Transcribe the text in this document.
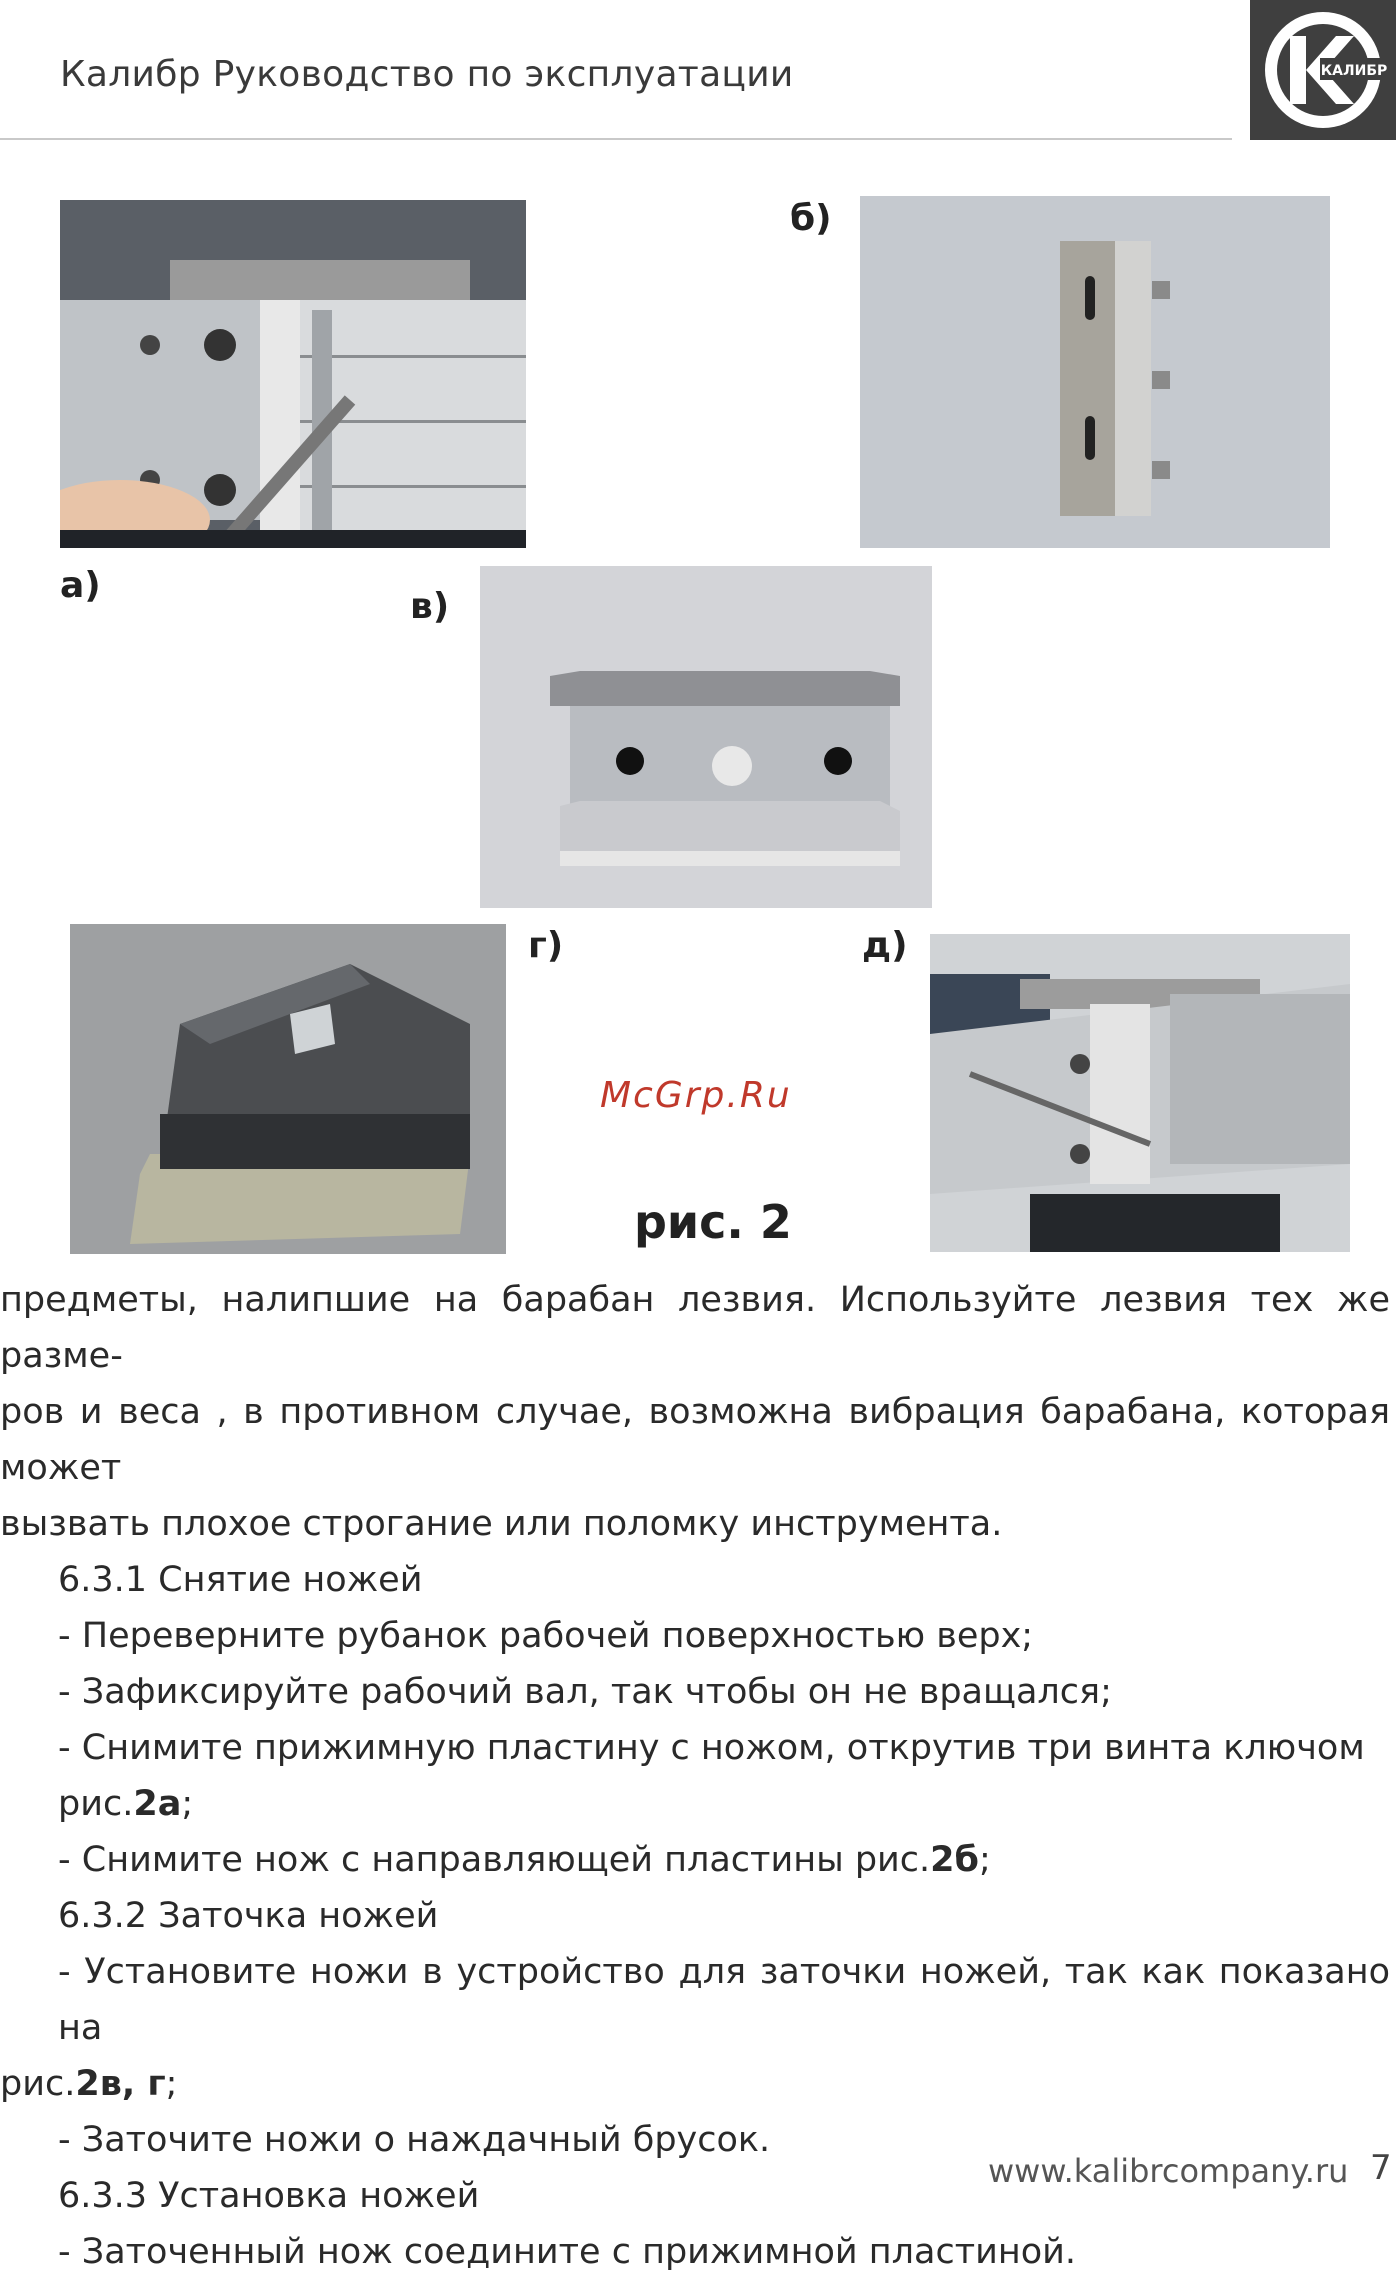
Калибр Руководство по эксплуатации	КАЛИБР
а)
б)
в)
г)	д)
McGrp.Ru
рис. 2

предметы, налипшие на барабан лезвия. Используйте лезвия тех же разме-

ров и веса , в противном случае, возможна вибрация барабана, которая может

вызвать плохое строгание или поломку инструмента.

6.3.1 Снятие ножей

- Переверните рубанок рабочей поверхностью верх;

- Зафиксируйте рабочий вал, так чтобы он не вращался;

- Снимите прижимную пластину с ножом, открутив три винта ключом рис.2а;

- Снимите нож с направляющей пластины рис.2б;

6.3.2 Заточка ножей

- Установите ножи в устройство для заточки ножей, так как показано на

рис.2в, г;

- Заточите ножи о наждачный брусок.

6.3.3 Установка ножей

- Заточенный нож соедините с прижимной пластиной.

www.kalibrcompany.ru 7
